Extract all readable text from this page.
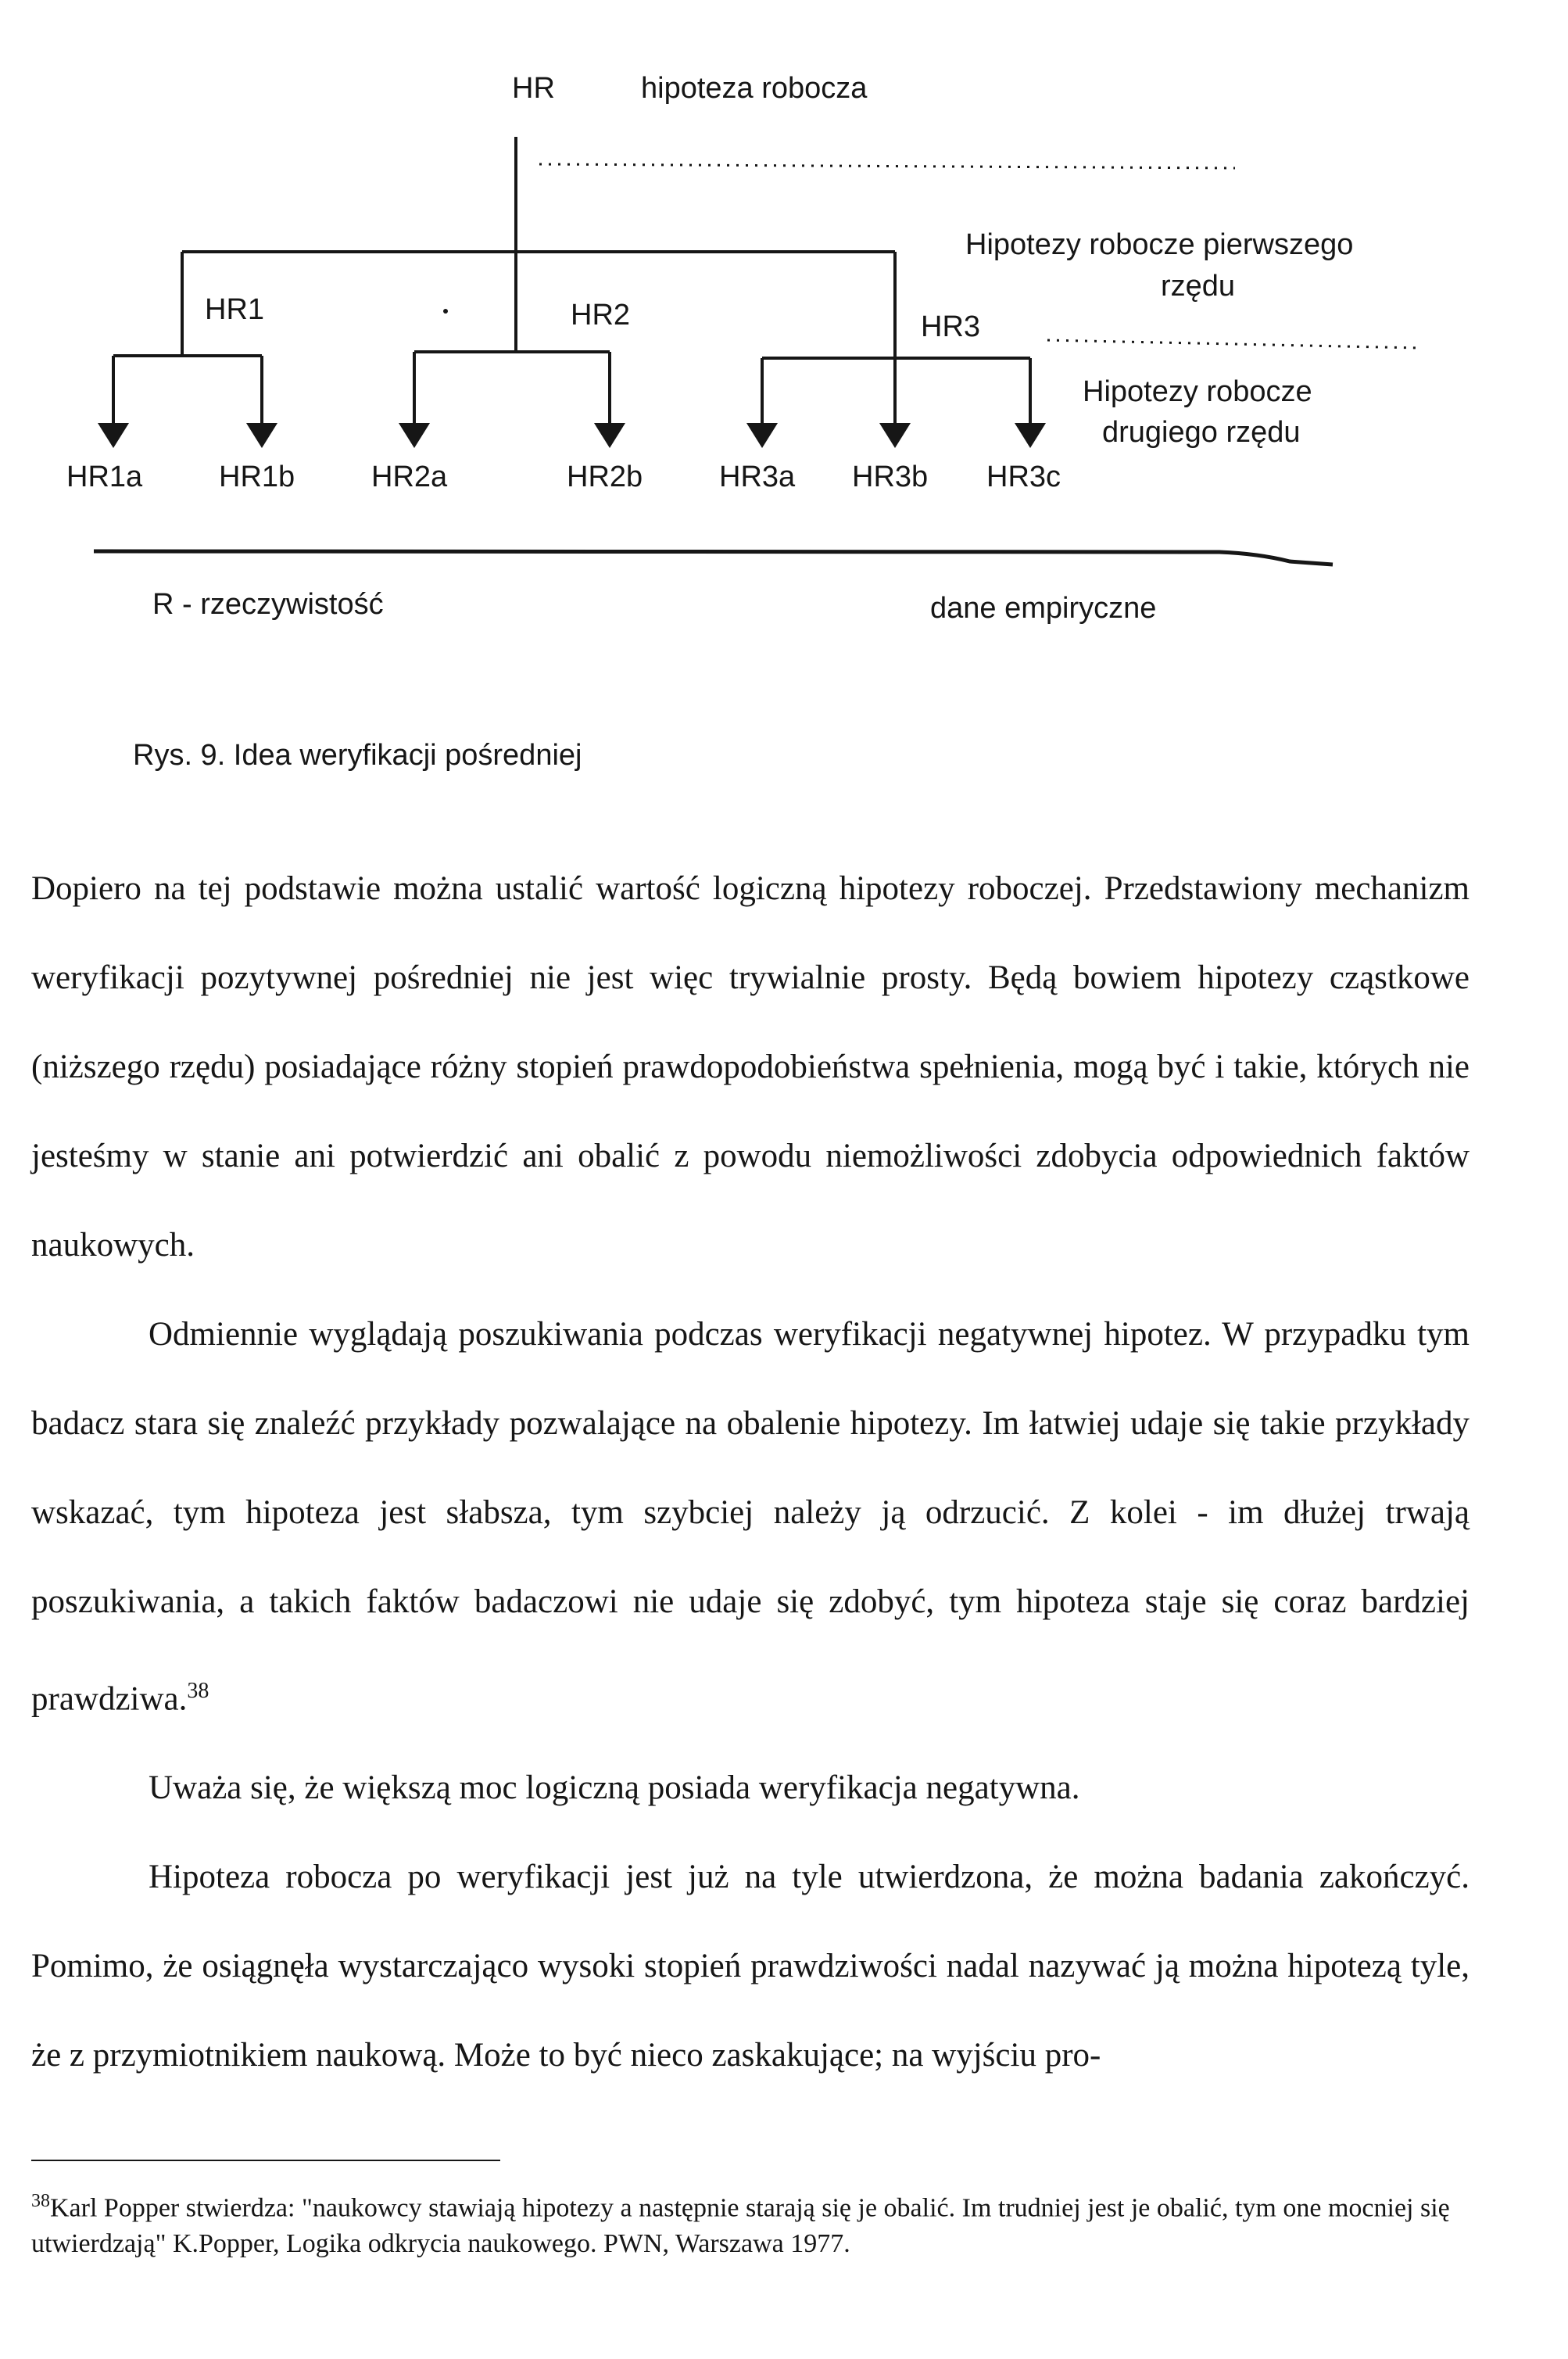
HR	hipoteza robocza
HR1	HR2	HR3
Hipotezy robocze pierwszego
rzędu
Hipotezy robocze
drugiego rzędu
HR1a	HR1b	HR2a	HR2b	HR3a HR3b HR3c
R - rzeczywistość	dane empiryczne
Rys. 9. Idea weryfikacji pośredniej

Dopiero na tej podstawie można ustalić wartość logiczną hipotezy roboczej. Przedstawiony mechanizm weryfikacji pozytywnej pośredniej nie jest więc trywialnie prosty. Będą bowiem hipotezy cząstkowe (niższego rzędu) posiadające różny stopień prawdopodobieństwa spełnienia, mogą być i takie, których nie jesteśmy w stanie ani potwierdzić ani obalić z powodu niemożliwości zdobycia odpowiednich faktów naukowych.

Odmiennie wyglądają poszukiwania podczas weryfikacji negatywnej hipotez. W przypadku tym badacz stara się znaleźć przykłady pozwalające na obalenie hipotezy. Im łatwiej udaje się takie przykłady wskazać, tym hipoteza jest słabsza, tym szybciej należy ją odrzucić. Z kolei - im dłużej trwają poszukiwania, a takich faktów badaczowi nie udaje się zdobyć, tym hipoteza staje się coraz bardziej prawdziwa.$^{38}$

Uważa się, że większą moc logiczną posiada weryfikacja negatywna.

Hipoteza robocza po weryfikacji jest już na tyle utwierdzona, że można badania zakończyć. Pomimo, że osiągnęła wystarczająco wysoki stopień prawdziwości nadal nazywać ją można hipotezą tyle, że z przymiotnikiem naukową. Może to być nieco zaskakujące; na wyjściu pro-

$^{38}$Karl Popper stwierdza: "naukowcy stawiają hipotezy a następnie starają się je obalić. Im trudniej jest je obalić, tym one mocniej się utwierdzają" K.Popper, Logika odkrycia naukowego. PWN, Warszawa 1977.
